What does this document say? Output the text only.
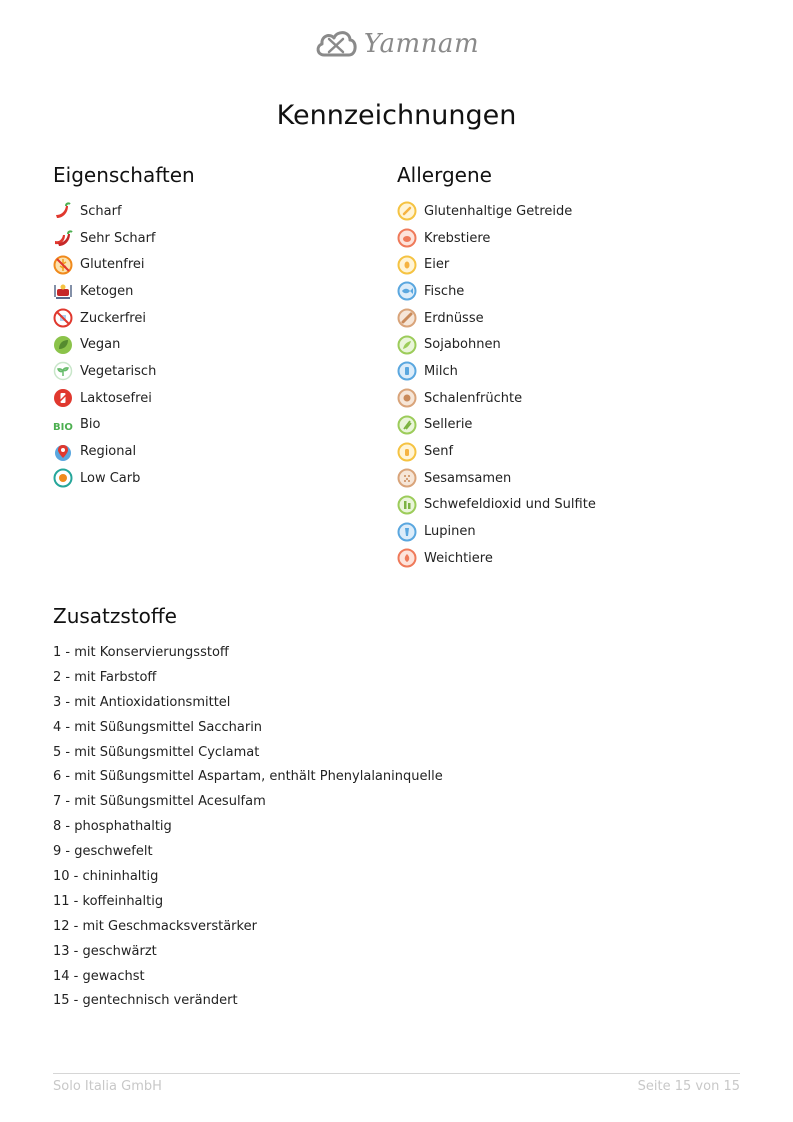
Yamnam
Kennzeichnungen
Eigenschaften
Scharf
Sehr Scharf
Glutenfrei
Ketogen
Zuckerfrei
Vegan
Vegetarisch
Laktosefrei
BIO Bio
Regional
Low Carb
Allergene
Glutenhaltige Getreide
Krebstiere
Eier
Fische
Erdnüsse
Sojabohnen
Milch
Schalenfrüchte
Sellerie
Senf
Sesamsamen
Schwefeldioxid und Sulfite
Lupinen
Weichtiere
Zusatzstoffe
1 - mit Konservierungsstoff
2 - mit Farbstoff
3 - mit Antioxidationsmittel
4 - mit Süßungsmittel Saccharin
5 - mit Süßungsmittel Cyclamat
6 - mit Süßungsmittel Aspartam, enthält Phenylalaninquelle
7 - mit Süßungsmittel Acesulfam
8 - phosphathaltig
9 - geschwefelt
10 - chininhaltig
11 - koffeinhaltig
12 - mit Geschmacksverstärker
13 - geschwärzt
14 - gewachst
15 - gentechnisch verändert
Solo Italia GmbH	Seite 15 von 15
